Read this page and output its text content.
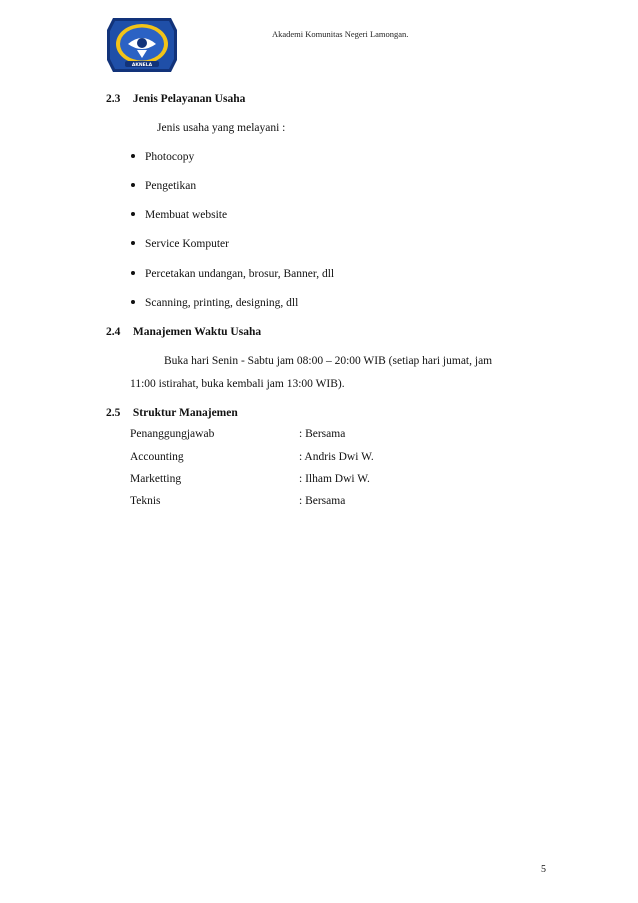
AKNELA
Akademi Komunitas Negeri Lamongan.
2.3 Jenis Pelayanan Usaha
Jenis usaha yang melayani :
Photocopy
Pengetikan
Membuat website
Service Komputer
Percetakan undangan, brosur, Banner, dll
Scanning, printing, designing, dll
2.4 Manajemen Waktu Usaha
Buka hari Senin - Sabtu jam 08:00 – 20:00 WIB (setiap hari jumat, jam
11:00 istirahat, buka kembali jam 13:00 WIB).
2.5 Struktur Manajemen
Penanggungjawab	: Bersama
Accounting	: Andris Dwi W.
Marketting	: Ilham Dwi W.
Teknis	: Bersama
5
